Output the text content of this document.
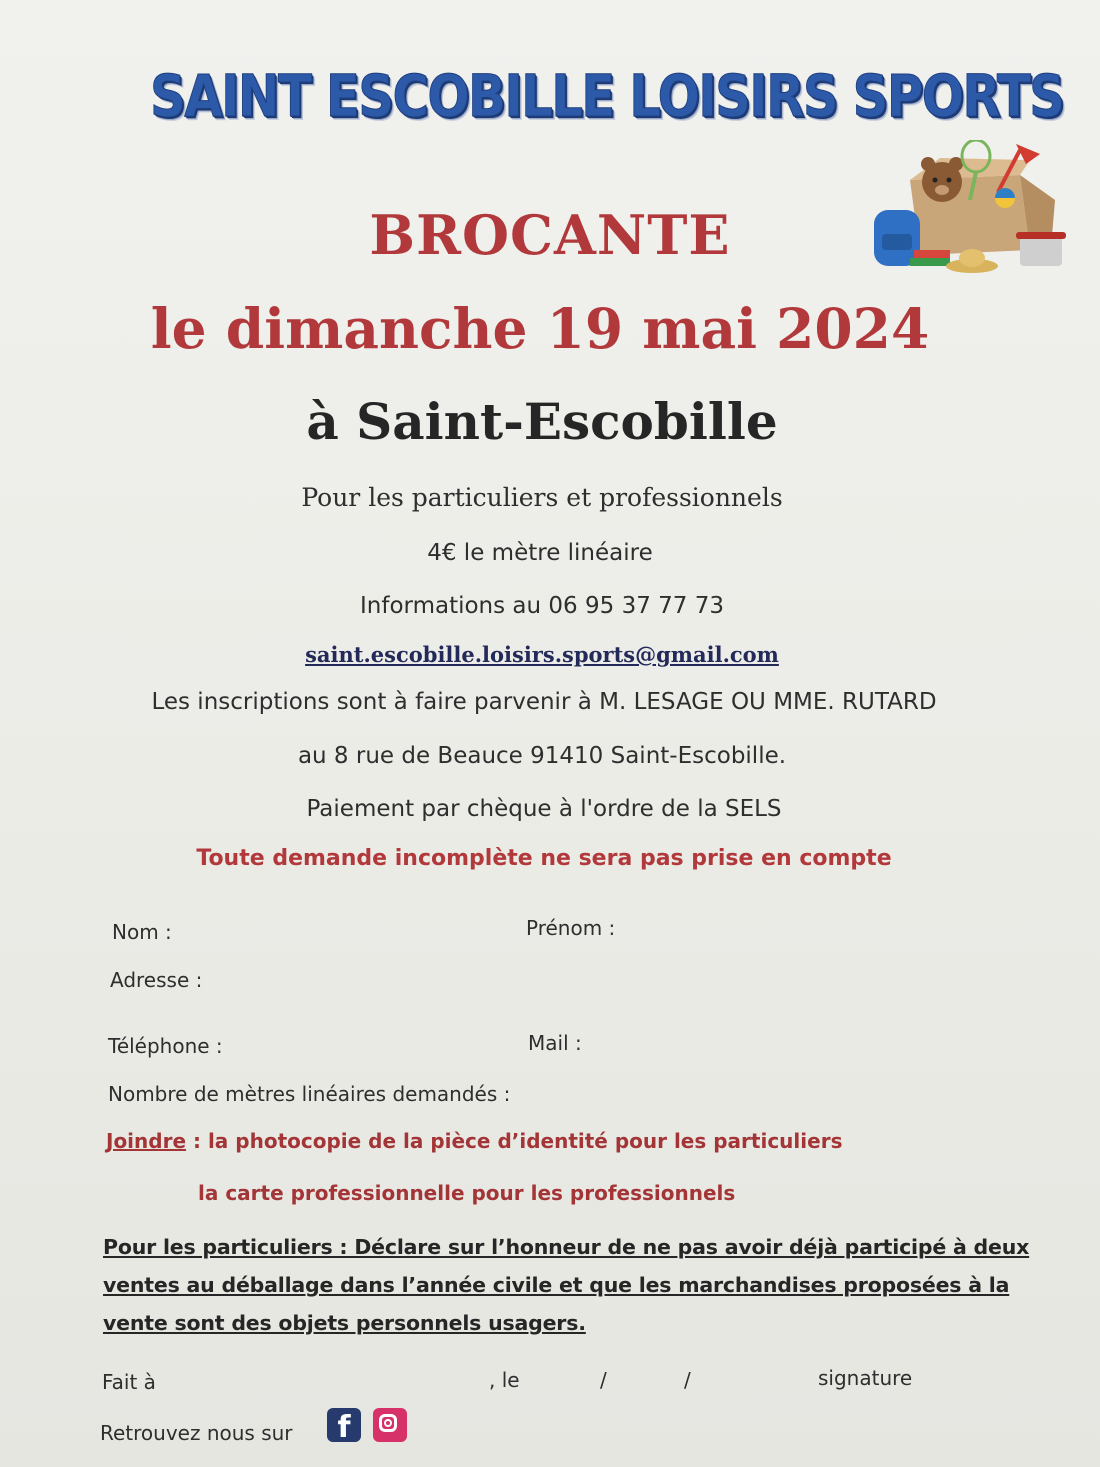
SAINT ESCOBILLE LOISIRS SPORTS
BROCANTE
le dimanche 19 mai 2024
à Saint-Escobille
Pour les particuliers et professionnels
4€ le mètre linéaire
Informations au 06 95 37 77 73
saint.escobille.loisirs.sports@gmail.com
Les inscriptions sont à faire parvenir à M. LESAGE OU MME. RUTARD
au 8 rue de Beauce 91410 Saint-Escobille.
Paiement par chèque à l'ordre de la SELS
Toute demande incomplète ne sera pas prise en compte
Nom :	Prénom :
Adresse :
Téléphone :	Mail :
Nombre de mètres linéaires demandés :
Joindre : la photocopie de la pièce d’identité pour les particuliers
la carte professionnelle pour les professionnels
Pour les particuliers : Déclare sur l’honneur de ne pas avoir déjà participé à deux ventes au déballage dans l’année civile et que les marchandises proposées à la vente sont des objets personnels usagers.
Fait à	, le	/	/	signature
Retrouvez nous sur	f
